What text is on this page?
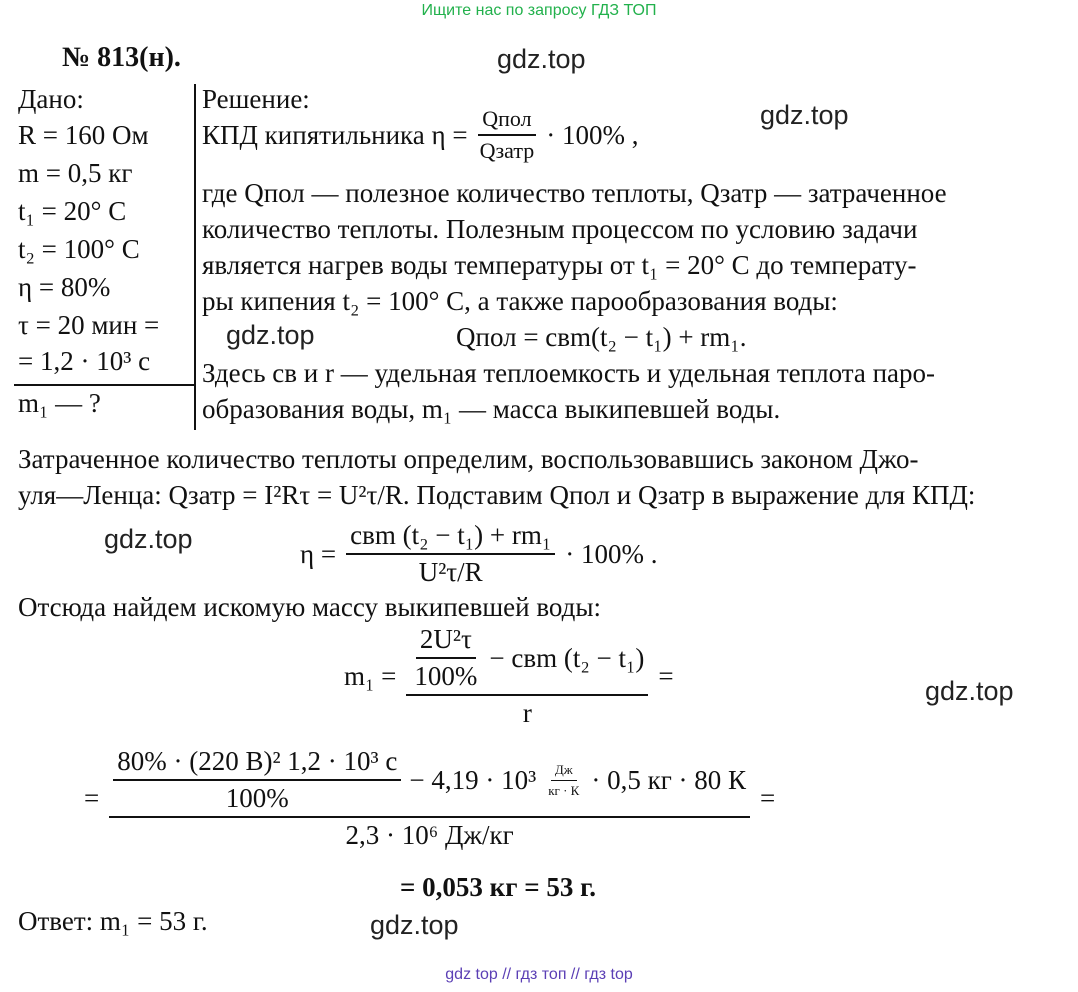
Ищите нас по запросу ГДЗ ТОП
№ 813(н).	gdz.top
gdz.top
gdz.top
gdz.top
gdz.top
gdz.top
Дано:
R = 160 Ом
m = 0,5 кг
t₁ = 20° C
t₂ = 100° C
η = 80%
τ = 20 мин =
= 1,2 · 10³ с
m₁ — ?
Решение:
КПД кипятильника $\eta = \frac{\text{Qпол}}{\text{Qзатр}} \cdot 100\%$ ,
где Qпол — полезное количество теплоты, Qзатр — затраченное
количество теплоты. Полезным процессом по условию задачи
является нагрев воды температуры от t₁ = 20° С до температу-
ры кипения t₂ = 100° С, а также парообразования воды:
Qпол = cвm(t₂ − t₁) + rm₁.
Здесь cв и r — удельная теплоемкость и удельная теплота паро-
образования воды, m₁ — масса выкипевшей воды.
Затраченное количество теплоты определим, воспользовавшись законом Джо-
уля—Ленца: Qзатр = I²Rτ = U²τ/R. Подставим Qпол и Qзатр в выражение для КПД:
$\eta = \frac{\text{cвm (t₂ − t₁) + rm₁}}{\text{U²τ/R}} \cdot 100\%$ .
Отсюда найдем искомую массу выкипевшей воды:
$m_1 = \frac{\frac{\text{2U²τ}}{100\%} - cвm (t_2 - t_1)}{r}$ =
= $\frac{\text{80\% · (220 В)² 1,2 · 10³ с}}{100\%} - 4,19 \cdot 10^3 \frac{Дж}{кг \cdot К} \cdot 0,5$ кг · 80 К
2,3 · 10⁶ Дж/кг
=
= 0,053 кг = 53 г.
Ответ: m₁ = 53 г.
gdz top // гдз топ // гдз top
